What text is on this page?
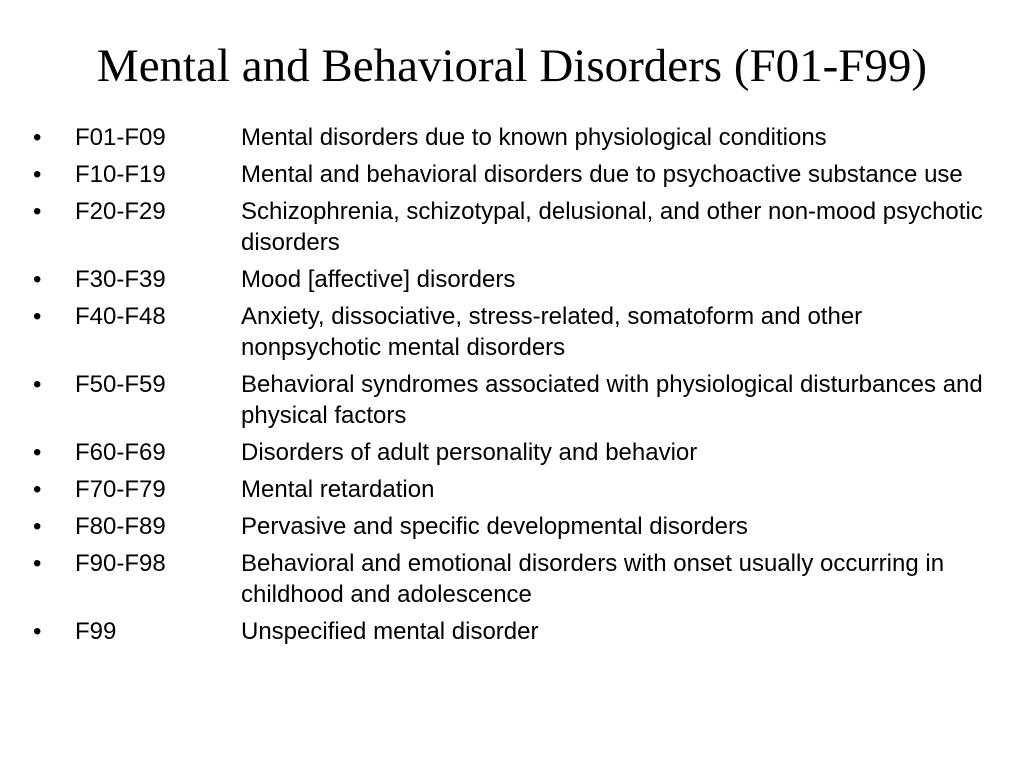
Mental and Behavioral Disorders (F01-F99)
• F01-F09	Mental disorders due to known physiological conditions
• F10-F19	Mental and behavioral disorders due to psychoactive substance use
• F20-F29	Schizophrenia, schizotypal, delusional, and other non-mood psychotic disorders
• F30-F39	Mood [affective] disorders
• F40-F48	Anxiety, dissociative, stress-related, somatoform and other nonpsychotic mental disorders
• F50-F59	Behavioral syndromes associated with physiological disturbances and physical factors
• F60-F69	Disorders of adult personality and behavior
• F70-F79	Mental retardation
• F80-F89	Pervasive and specific developmental disorders
• F90-F98	Behavioral and emotional disorders with onset usually occurring in childhood and adolescence
• F99	Unspecified mental disorder
